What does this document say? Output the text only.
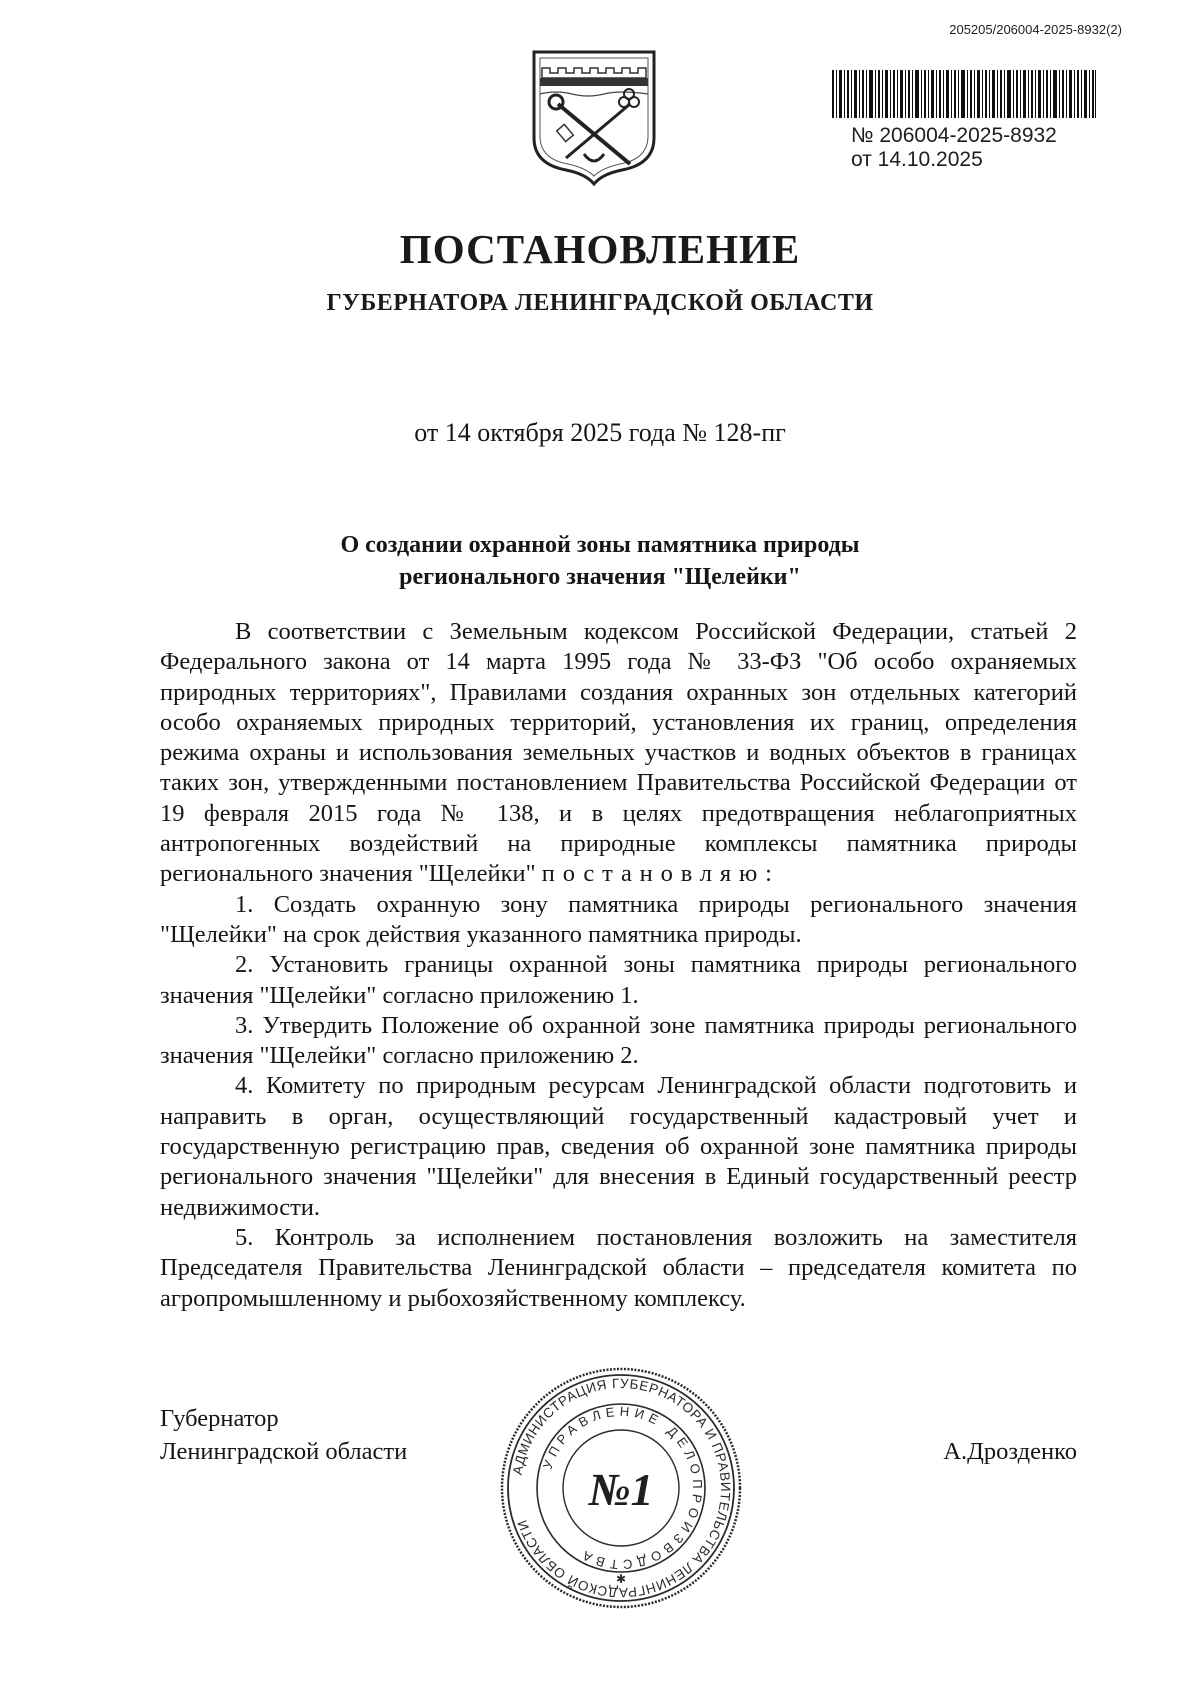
205205/206004-2025-8932(2)
№ 206004-2025-8932
от 14.10.2025
ПОСТАНОВЛЕНИЕ
ГУБЕРНАТОРА ЛЕНИНГРАДСКОЙ ОБЛАСТИ
от 14 октября 2025 года № 128-пг
О создании охранной зоны памятника природы
регионального значения "Щелейки"

В соответствии с Земельным кодексом Российской Федерации, статьей 2 Федерального закона от 14 марта 1995 года № 33-ФЗ "Об особо охраняемых природных территориях", Правилами создания охранных зон отдельных категорий особо охраняемых природных территорий, установления их границ, определения режима охраны и использования земельных участков и водных объектов в границах таких зон, утвержденными постановлением Правительства Российской Федерации от 19 февраля 2015 года № 138, и в целях предотвращения неблагоприятных антропогенных воздействий на природные комплексы памятника природы регионального значения "Щелейки" постановляю:

1. Создать охранную зону памятника природы регионального значения "Щелейки" на срок действия указанного памятника природы.

2. Установить границы охранной зоны памятника природы регионального значения "Щелейки" согласно приложению 1.

3. Утвердить Положение об охранной зоне памятника природы регионального значения "Щелейки" согласно приложению 2.

4. Комитету по природным ресурсам Ленинградской области подготовить и направить в орган, осуществляющий государственный кадастровый учет и государственную регистрацию прав, сведения об охранной зоне памятника природы регионального значения "Щелейки" для внесения в Единый государственный реестр недвижимости.

5. Контроль за исполнением постановления возложить на заместителя Председателя Правительства Ленинградской области – председателя комитета по агропромышленному и рыбохозяйственному комплексу.

Губернатор
Ленинградской области	А.Дрозденко
АДМИНИСТРАЦИЯ ГУБЕРНАТОРА И ПРАВИТЕЛЬСТВА ЛЕНИНГРАДСКОЙ ОБЛАСТИ
УПРАВЛЕНИЕ ДЕЛОПРОИЗВОДСТВА
№1
✱
